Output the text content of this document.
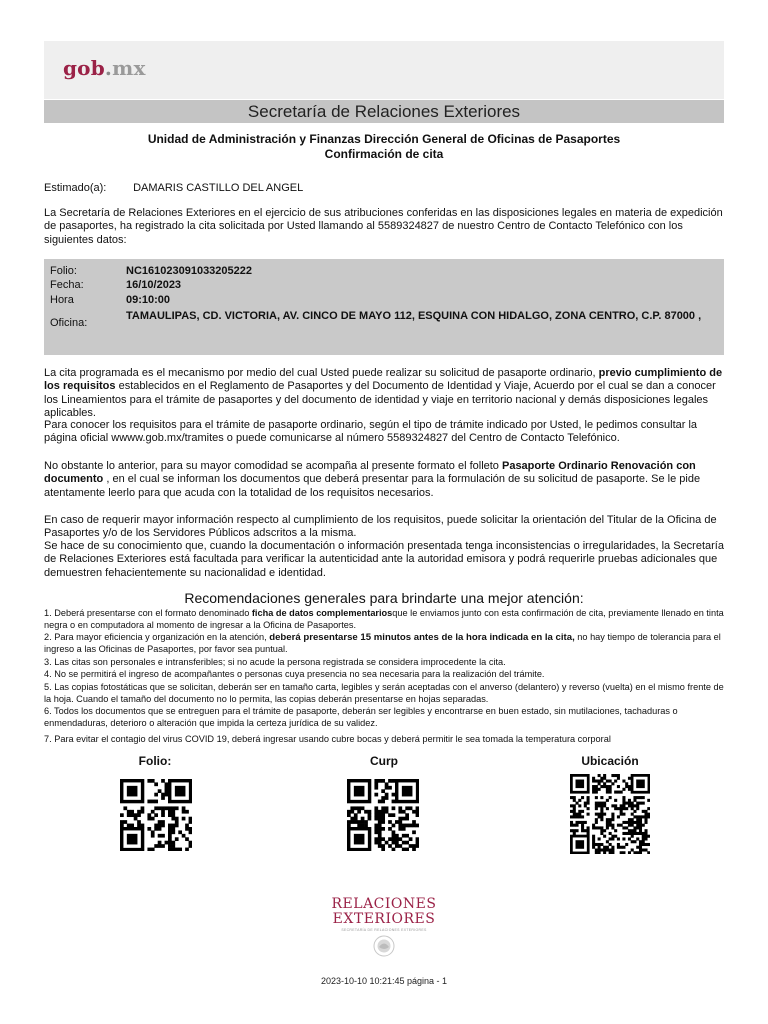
gob.mx
Secretaría de Relaciones Exteriores
Unidad de Administración y Finanzas Dirección General de Oficinas de Pasaportes
Confirmación de cita
Estimado(a): DAMARIS CASTILLO DEL ANGEL

La Secretaría de Relaciones Exteriores en el ejercicio de sus atribuciones conferidas en las disposiciones legales en materia de expedición de pasaportes, ha registrado la cita solicitada por Usted llamando al 5589324827 de nuestro Centro de Contacto Telefónico con los siguientes datos:

Folio:	NC161023091033205222
Fecha:	16/10/2023
Hora	09:10:00
Oficina:
TAMAULIPAS, CD. VICTORIA, AV. CINCO DE MAYO 112, ESQUINA CON HIDALGO, ZONA CENTRO, C.P. 87000 ,

La cita programada es el mecanismo por medio del cual Usted puede realizar su solicitud de pasaporte ordinario, previo cumplimiento de los requisitos establecidos en el Reglamento de Pasaportes y del Documento de Identidad y Viaje, Acuerdo por el cual se dan a conocer los Lineamientos para el trámite de pasaportes y del documento de identidad y viaje en territorio nacional y demás disposiciones legales aplicables.

Para conocer los requisitos para el trámite de pasaporte ordinario, según el tipo de trámite indicado por Usted, le pedimos consultar la página oficial wwww.gob.mx/tramites o puede comunicarse al número 5589324827 del Centro de Contacto Telefónico.

No obstante lo anterior, para su mayor comodidad se acompaña al presente formato el folleto Pasaporte Ordinario Renovación con documento , en el cual se informan los documentos que deberá presentar para la formulación de su solicitud de pasaporte. Se le pide atentamente leerlo para que acuda con la totalidad de los requisitos necesarios.

En caso de requerir mayor información respecto al cumplimiento de los requisitos, puede solicitar la orientación del Titular de la Oficina de Pasaportes y/o de los Servidores Públicos adscritos a la misma.

Se hace de su conocimiento que, cuando la documentación o información presentada tenga inconsistencias o irregularidades, la Secretaría de Relaciones Exteriores está facultada para verificar la autenticidad ante la autoridad emisora y podrá requerirle pruebas adicionales que demuestren fehacientemente su nacionalidad e identidad.

Recomendaciones generales para brindarte una mejor atención:

1. Deberá presentarse con el formato denominado ficha de datos complementariosque le enviamos junto con esta confirmación de cita, previamente llenado en tinta negra o en computadora al momento de ingresar a la Oficina de Pasaportes.

2. Para mayor eficiencia y organización en la atención, deberá presentarse 15 minutos antes de la hora indicada en la cita, no hay tiempo de tolerancia para el ingreso a las Oficinas de Pasaportes, por favor sea puntual.

3. Las citas son personales e intransferibles; si no acude la persona registrada se considera improcedente la cita.

4. No se permitirá el ingreso de acompañantes o personas cuya presencia no sea necesaria para la realización del trámite.

5. Las copias fotostáticas que se solicitan, deberán ser en tamaño carta, legibles y serán aceptadas con el anverso (delantero) y reverso (vuelta) en el mismo frente de la hoja. Cuando el tamaño del documento no lo permita, las copias deberán presentarse en hojas separadas.

6. Todos los documentos que se entreguen para el trámite de pasaporte, deberán ser legibles y encontrarse en buen estado, sin mutilaciones, tachaduras o enmendaduras, deterioro o alteración que impida la certeza jurídica de su validez.

7. Para evitar el contagio del virus COVID 19, deberá ingresar usando cubre bocas y deberá permitir le sea tomada la temperatura corporal

Folio:	Curp	Ubicación
RELACIONES
EXTERIORES
SECRETARÍA DE RELACIONES EXTERIORES
2023-10-10 10:21:45 página - 1
